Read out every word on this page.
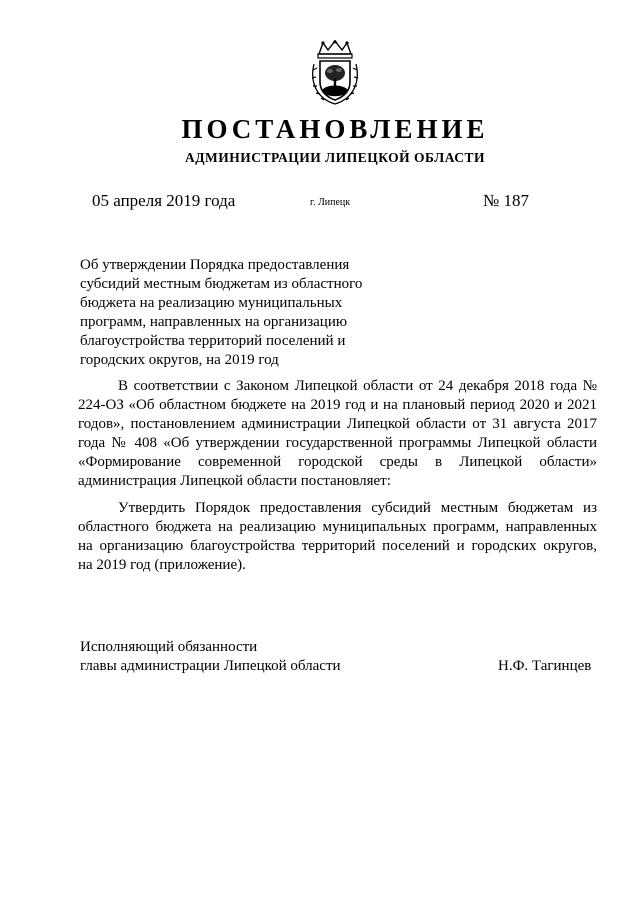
ПОСТАНОВЛЕНИЕ
АДМИНИСТРАЦИИ ЛИПЕЦКОЙ ОБЛАСТИ
05 апреля 2019 года	г. Липецк	№ 187
Об утверждении Порядка предоставления
субсидий местным бюджетам из областного
бюджета на реализацию муниципальных
программ, направленных на организацию
благоустройства территорий поселений и
городских округов, на 2019 год
В соответствии с Законом Липецкой области от 24 декабря 2018 года №
224-ОЗ «Об областном бюджете на 2019 год и на плановый период 2020 и 2021
годов», постановлением администрации Липецкой области от 31 августа 2017
года № 408 «Об утверждении государственной программы Липецкой области
«Формирование современной городской среды в Липецкой области»
администрация Липецкой области постановляет:
Утвердить Порядок предоставления субсидий местным бюджетам из
областного бюджета на реализацию муниципальных программ, направленных
на организацию благоустройства территорий поселений и городских округов,
на 2019 год (приложение).
Исполняющий обязанности
главы администрации Липецкой области	Н.Ф. Тагинцев
